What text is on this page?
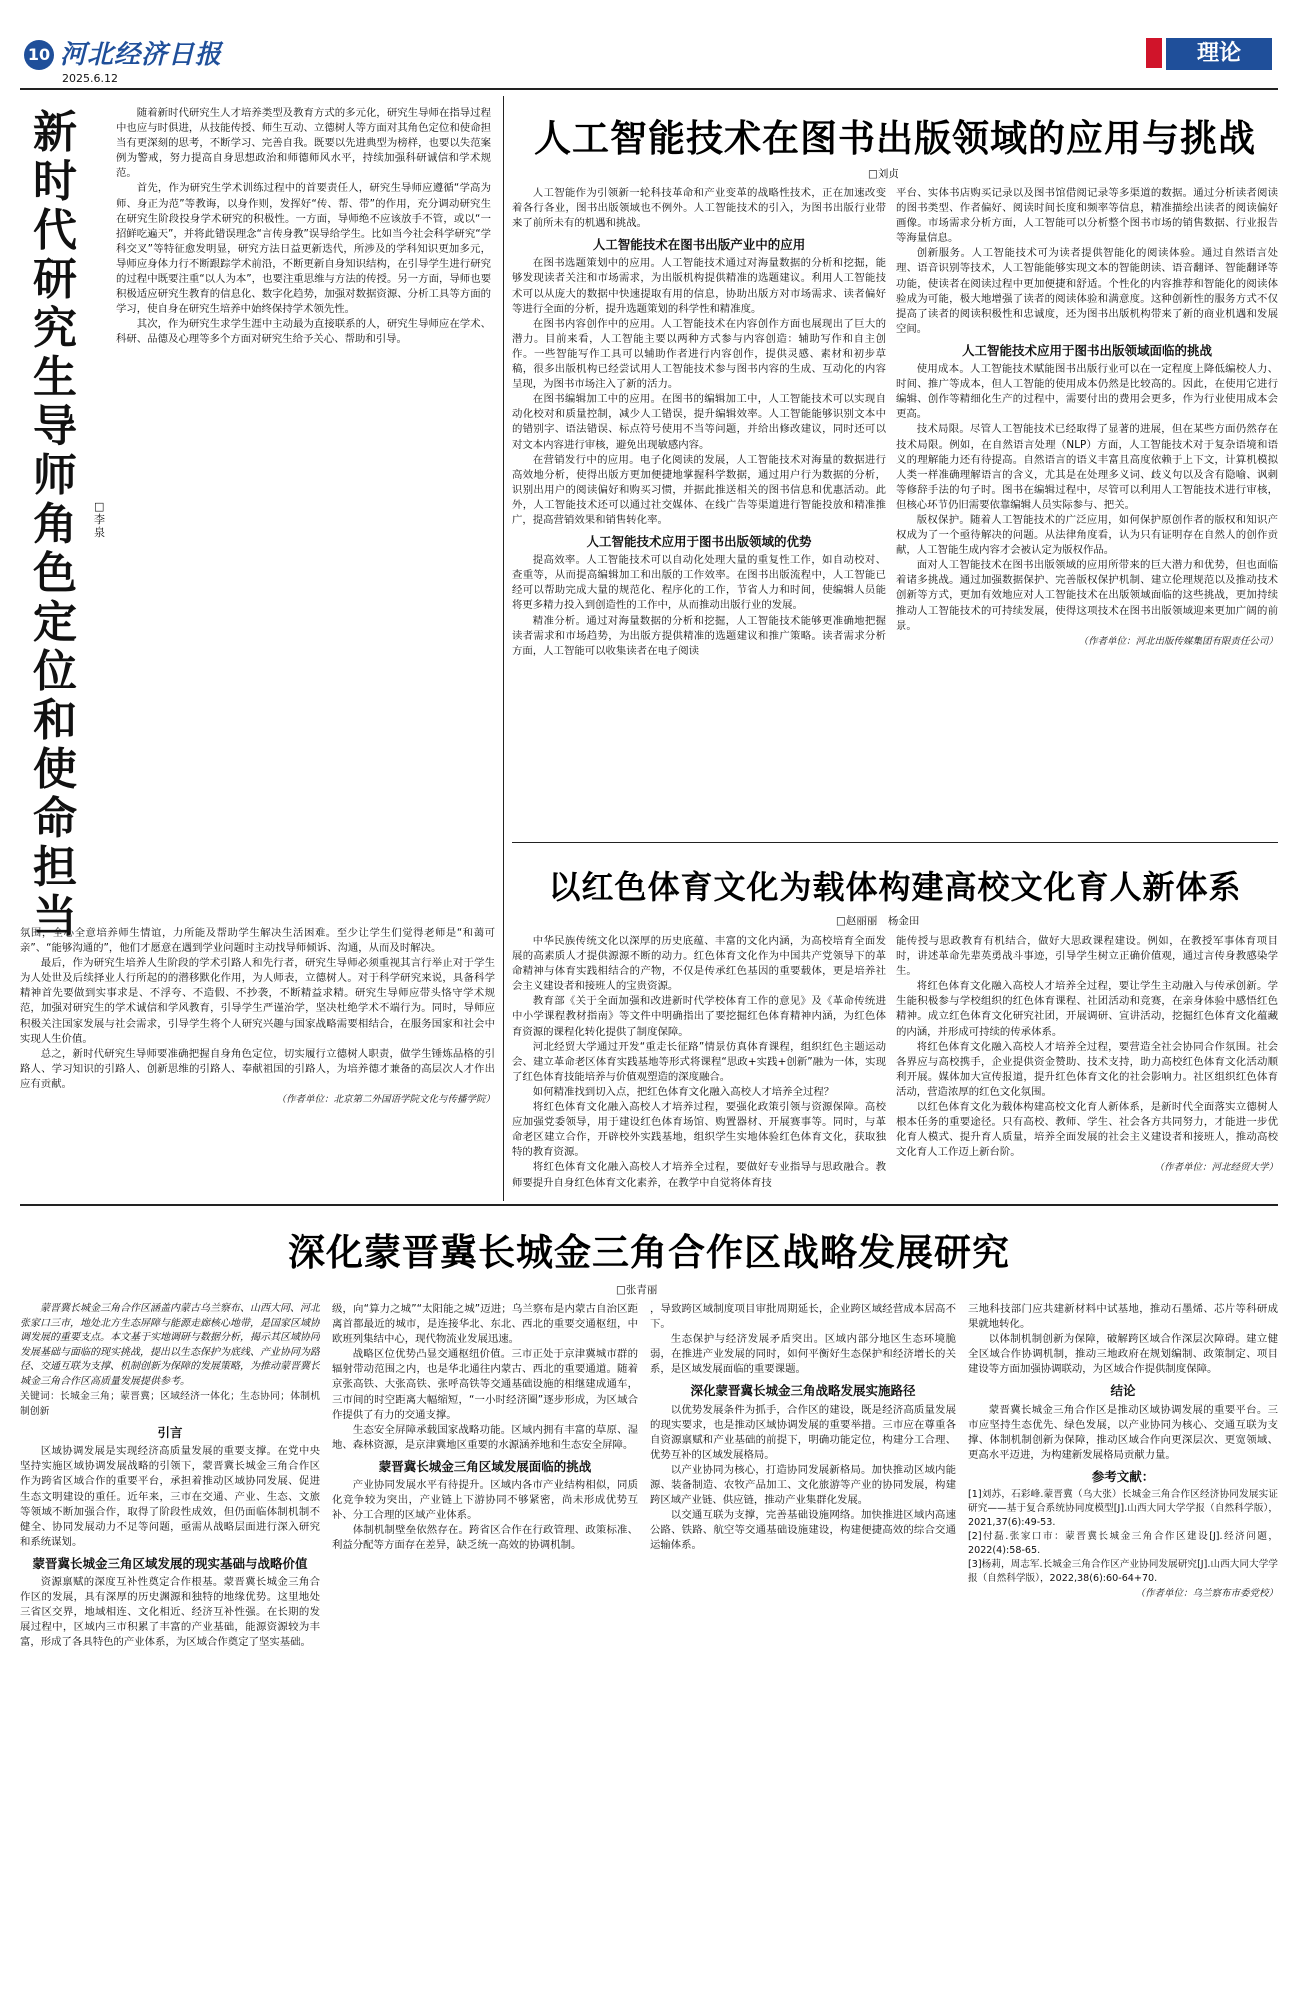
10 河北经济日报
2025.6.12
理论
新时代研究生导师角色定位和使命担当
□李泉

随着新时代研究生人才培养类型及教育方式的多元化，研究生导师在指导过程中也应与时俱进，从技能传授、师生互动、立德树人等方面对其角色定位和使命担当有更深刻的思考，不断学习、完善自我。既要以先进典型为榜样，也要以失范案例为警戒，努力提高自身思想政治和师德师风水平，持续加强科研诚信和学术规范。

首先，作为研究生学术训练过程中的首要责任人，研究生导师应遵循“学高为师、身正为范”等教诲，以身作则，发挥好“传、帮、带”的作用，充分调动研究生在研究生阶段投身学术研究的积极性。一方面，导师绝不应该放手不管，或以“一招鲜吃遍天”，并将此错误理念“言传身教”误导给学生。比如当今社会科学研究“学科交叉”等特征愈发明显，研究方法日益更新迭代，所涉及的学科知识更加多元，导师应身体力行不断跟踪学术前沿，不断更新自身知识结构，在引导学生进行研究的过程中既要注重“以人为本”，也要注重思维与方法的传授。另一方面，导师也要积极适应研究生教育的信息化、数字化趋势，加强对数据资源、分析工具等方面的学习，使自身在研究生培养中始终保持学术领先性。

其次，作为研究生求学生涯中主动最为直接联系的人，研究生导师应在学术、科研、品德及心理等多个方面对研究生给予关心、帮助和引导。

氛围，全心全意培养师生情谊，力所能及帮助学生解决生活困难。至少让学生们觉得老师是“和蔼可亲”、“能够沟通的”，他们才愿意在遇到学业问题时主动找导师倾诉、沟通，从而及时解决。

最后，作为研究生培养人生阶段的学术引路人和先行者，研究生导师必须重视其言行举止对于学生为人处世及后续择业人行所起的的潜移默化作用，为人师表，立德树人。对于科学研究来说，具备科学精神首先要做到实事求是、不浮夸、不造假、不抄袭，不断精益求精。研究生导师应带头恪守学术规范，加强对研究生的学术诚信和学风教育，引导学生严谨治学，坚决杜绝学术不端行为。同时，导师应积极关注国家发展与社会需求，引导学生将个人研究兴趣与国家战略需要相结合，在服务国家和社会中实现人生价值。

总之，新时代研究生导师要准确把握自身角色定位，切实履行立德树人职责，做学生锤炼品格的引路人、学习知识的引路人、创新思维的引路人、奉献祖国的引路人，为培养德才兼备的高层次人才作出应有贡献。

（作者单位：北京第二外国语学院文化与传播学院）
人工智能技术在图书出版领域的应用与挑战
□刘贞

人工智能作为引领新一轮科技革命和产业变革的战略性技术，正在加速改变着各行各业，图书出版领域也不例外。人工智能技术的引入，为图书出版行业带来了前所未有的机遇和挑战。

人工智能技术在图书出版产业中的应用

在图书选题策划中的应用。人工智能技术通过对海量数据的分析和挖掘，能够发现读者关注和市场需求，为出版机构提供精准的选题建议。利用人工智能技术可以从庞大的数据中快速提取有用的信息，协助出版方对市场需求、读者偏好等进行全面的分析，提升选题策划的科学性和精准度。

在图书内容创作中的应用。人工智能技术在内容创作方面也展现出了巨大的潜力。目前来看，人工智能主要以两种方式参与内容创造：辅助写作和自主创作。一些智能写作工具可以辅助作者进行内容创作，提供灵感、素材和初步草稿，很多出版机构已经尝试用人工智能技术参与图书内容的生成、互动化的内容呈现，为图书市场注入了新的活力。

在图书编辑加工中的应用。在图书的编辑加工中，人工智能技术可以实现自动化校对和质量控制，减少人工错误，提升编辑效率。人工智能能够识别文本中的错别字、语法错误、标点符号使用不当等问题，并给出修改建议，同时还可以对文本内容进行审核，避免出现敏感内容。

在营销发行中的应用。电子化阅读的发展，人工智能技术对海量的数据进行高效地分析，使得出版方更加便捷地掌握科学数据，通过用户行为数据的分析，识别出用户的阅读偏好和购买习惯，并据此推送相关的图书信息和优惠活动。此外，人工智能技术还可以通过社交媒体、在线广告等渠道进行智能投放和精准推广，提高营销效果和销售转化率。

人工智能技术应用于图书出版领域的优势

提高效率。人工智能技术可以自动化处理大量的重复性工作，如自动校对、查重等，从而提高编辑加工和出版的工作效率。在图书出版流程中，人工智能已经可以帮助完成大量的规范化、程序化的工作，节省人力和时间，使编辑人员能将更多精力投入到创造性的工作中，从而推动出版行业的发展。

精准分析。通过对海量数据的分析和挖掘，人工智能技术能够更准确地把握读者需求和市场趋势，为出版方提供精准的选题建议和推广策略。读者需求分析方面，人工智能可以收集读者在电子阅读

平台、实体书店购买记录以及图书馆借阅记录等多渠道的数据。通过分析读者阅读的图书类型、作者偏好、阅读时间长度和频率等信息，精准描绘出读者的阅读偏好画像。市场需求分析方面，人工智能可以分析整个图书市场的销售数据、行业报告等海量信息。

创新服务。人工智能技术可为读者提供智能化的阅读体验。通过自然语言处理、语音识别等技术，人工智能能够实现文本的智能朗读、语音翻译、智能翻译等功能，使读者在阅读过程中更加便捷和舒适。个性化的内容推荐和智能化的阅读体验成为可能，极大地增强了读者的阅读体验和满意度。这种创新性的服务方式不仅提高了读者的阅读积极性和忠诚度，还为图书出版机构带来了新的商业机遇和发展空间。

人工智能技术应用于图书出版领域面临的挑战

使用成本。人工智能技术赋能图书出版行业可以在一定程度上降低编校人力、时间、推广等成本，但人工智能的使用成本仍然是比较高的。因此，在使用它进行编辑、创作等精细化生产的过程中，需要付出的费用会更多，作为行业使用成本会更高。

技术局限。尽管人工智能技术已经取得了显著的进展，但在某些方面仍然存在技术局限。例如，在自然语言处理（NLP）方面，人工智能技术对于复杂语境和语义的理解能力还有待提高。自然语言的语义丰富且高度依赖于上下文，计算机模拟人类一样准确理解语言的含义，尤其是在处理多义词、歧义句以及含有隐喻、讽刺等修辞手法的句子时。图书在编辑过程中，尽管可以利用人工智能技术进行审核，但核心环节仍旧需要依靠编辑人员实际参与、把关。

版权保护。随着人工智能技术的广泛应用，如何保护原创作者的版权和知识产权成为了一个亟待解决的问题。从法律角度看，认为只有证明存在自然人的创作贡献，人工智能生成内容才会被认定为版权作品。

面对人工智能技术在图书出版领域的应用所带来的巨大潜力和优势，但也面临着诸多挑战。通过加强数据保护、完善版权保护机制、建立伦理规范以及推动技术创新等方式，更加有效地应对人工智能技术在出版领域面临的这些挑战，更加持续推动人工智能技术的可持续发展，使得这项技术在图书出版领域迎来更加广阔的前景。

（作者单位：河北出版传媒集团有限责任公司）
以红色体育文化为载体构建高校文化育人新体系
□赵丽丽　杨金田

中华民族传统文化以深厚的历史底蕴、丰富的文化内涵，为高校培育全面发展的高素质人才提供源源不断的动力。红色体育文化作为中国共产党领导下的革命精神与体育实践相结合的产物，不仅是传承红色基因的重要载体，更是培养社会主义建设者和接班人的宝贵资源。

教育部《关于全面加强和改进新时代学校体育工作的意见》及《革命传统进中小学课程教材指南》等文件中明确指出了要挖掘红色体育精神内涵，为红色体育资源的课程化转化提供了制度保障。

河北经贸大学通过开发“重走长征路”情景仿真体育课程，组织红色主题运动会、建立革命老区体育实践基地等形式将课程“思政+实践+创新”融为一体，实现了红色体育技能培养与价值观塑造的深度融合。

如何精准找到切入点，把红色体育文化融入高校人才培养全过程？

将红色体育文化融入高校人才培养过程，要强化政策引领与资源保障。高校应加强党委领导，用于建设红色体育场馆、购置器材、开展赛事等。同时，与革命老区建立合作，开辟校外实践基地，组织学生实地体验红色体育文化，获取独特的教育资源。

将红色体育文化融入高校人才培养全过程，要做好专业指导与思政融合。教师要提升自身红色体育文化素养，在教学中自觉将体育技

能传授与思政教育有机结合，做好大思政课程建设。例如，在教授军事体育项目时，讲述革命先辈英勇战斗事迹，引导学生树立正确价值观，通过言传身教感染学生。

将红色体育文化融入高校人才培养全过程，要让学生主动融入与传承创新。学生能积极参与学校组织的红色体育课程、社团活动和竞赛，在亲身体验中感悟红色精神。成立红色体育文化研究社团，开展调研、宣讲活动，挖掘红色体育文化蕴藏的内涵，并形成可持续的传承体系。

将红色体育文化融入高校人才培养全过程，要营造全社会协同合作氛围。社会各界应与高校携手，企业提供资金赞助、技术支持，助力高校红色体育文化活动顺利开展。媒体加大宣传报道，提升红色体育文化的社会影响力。社区组织红色体育活动，营造浓厚的红色文化氛围。

以红色体育文化为载体构建高校文化育人新体系，是新时代全面落实立德树人根本任务的重要途径。只有高校、教师、学生、社会各方共同努力，才能进一步优化育人模式、提升育人质量，培养全面发展的社会主义建设者和接班人，推动高校文化育人工作迈上新台阶。

（作者单位：河北经贸大学）
深化蒙晋冀长城金三角合作区战略发展研究
□张青丽

蒙晋冀长城金三角合作区涵盖内蒙古乌兰察布、山西大同、河北张家口三市，地处北方生态屏障与能源走廊核心地带，是国家区域协调发展的重要支点。本文基于实地调研与数据分析，揭示其区域协同发展基础与面临的现实挑战，提出以生态保护为底线、产业协同为路径、交通互联为支撑、机制创新为保障的发展策略，为推动蒙晋冀长城金三角合作区高质量发展提供参考。

关键词：长城金三角；蒙晋冀；区域经济一体化；生态协同；体制机制创新

引言

区域协调发展是实现经济高质量发展的重要支撑。在党中央坚持实施区域协调发展战略的引领下，蒙晋冀长城金三角合作区作为跨省区域合作的重要平台，承担着推动区域协同发展、促进生态文明建设的重任。近年来，三市在交通、产业、生态、文旅等领域不断加强合作，取得了阶段性成效，但仍面临体制机制不健全、协同发展动力不足等问题，亟需从战略层面进行深入研究和系统谋划。

蒙晋冀长城金三角区域发展的现实基础与战略价值

资源禀赋的深度互补性奠定合作根基。蒙晋冀长城金三角合作区的发展，具有深厚的历史渊源和独特的地缘优势。这里地处三省区交界，地域相连、文化相近、经济互补性强。在长期的发展过程中，区域内三市积累了丰富的产业基础，能源资源较为丰富，形成了各具特色的产业体系，为区域合作奠定了坚实基础。

级，向“算力之城”“太阳能之城”迈进；乌兰察布是内蒙古自治区距离首都最近的城市，是连接华北、东北、西北的重要交通枢纽，中欧班列集结中心，现代物流业发展迅速。

战略区位优势凸显交通枢纽价值。三市正处于京津冀城市群的辐射带动范围之内，也是华北通往内蒙古、西北的重要通道。随着京张高铁、大张高铁、张呼高铁等交通基础设施的相继建成通车，三市间的时空距离大幅缩短，“一小时经济圈”逐步形成，为区域合作提供了有力的交通支撑。

生态安全屏障承载国家战略功能。区域内拥有丰富的草原、湿地、森林资源，是京津冀地区重要的水源涵养地和生态安全屏障。

蒙晋冀长城金三角区域发展面临的挑战

产业协同发展水平有待提升。区域内各市产业结构相似，同质化竞争较为突出，产业链上下游协同不够紧密，尚未形成优势互补、分工合理的区域产业体系。

体制机制壁垒依然存在。跨省区合作在行政管理、政策标准、利益分配等方面存在差异，缺乏统一高效的协调机制。

，导致跨区域制度项目审批周期延长，企业跨区域经营成本居高不下。

生态保护与经济发展矛盾突出。区域内部分地区生态环境脆弱，在推进产业发展的同时，如何平衡好生态保护和经济增长的关系，是区域发展面临的重要课题。

深化蒙晋冀长城金三角战略发展实施路径

以优势发展条件为抓手，合作区的建设，既是经济高质量发展的现实要求，也是推动区域协调发展的重要举措。三市应在尊重各自资源禀赋和产业基础的前提下，明确功能定位，构建分工合理、优势互补的区域发展格局。

以产业协同为核心，打造协同发展新格局。加快推动区域内能源、装备制造、农牧产品加工、文化旅游等产业的协同发展，构建跨区域产业链、供应链，推动产业集群化发展。

以交通互联为支撑，完善基础设施网络。加快推进区域内高速公路、铁路、航空等交通基础设施建设，构建便捷高效的综合交通运输体系。

三地科技部门应共建新材料中试基地，推动石墨烯、芯片等科研成果就地转化。

以体制机制创新为保障，破解跨区域合作深层次障碍。建立健全区域合作协调机制，推动三地政府在规划编制、政策制定、项目建设等方面加强协调联动，为区域合作提供制度保障。

结论

蒙晋冀长城金三角合作区是推动区域协调发展的重要平台。三市应坚持生态优先、绿色发展，以产业协同为核心、交通互联为支撑、体制机制创新为保障，推动区域合作向更深层次、更宽领域、更高水平迈进，为构建新发展格局贡献力量。

参考文献：

[1]刘苏，石彩峰.蒙晋冀（乌大张）长城金三角合作区经济协同发展实证研究——基于复合系统协同度模型[J].山西大同大学学报（自然科学版），2021,37(6):49-53.

[2]付磊.张家口市：蒙晋冀长城金三角合作区建设[J].经济问题，2022(4):58-65.

[3]杨莉，周志军.长城金三角合作区产业协同发展研究[J].山西大同大学学报（自然科学版），2022,38(6):60-64+70.

（作者单位：乌兰察布市委党校）
